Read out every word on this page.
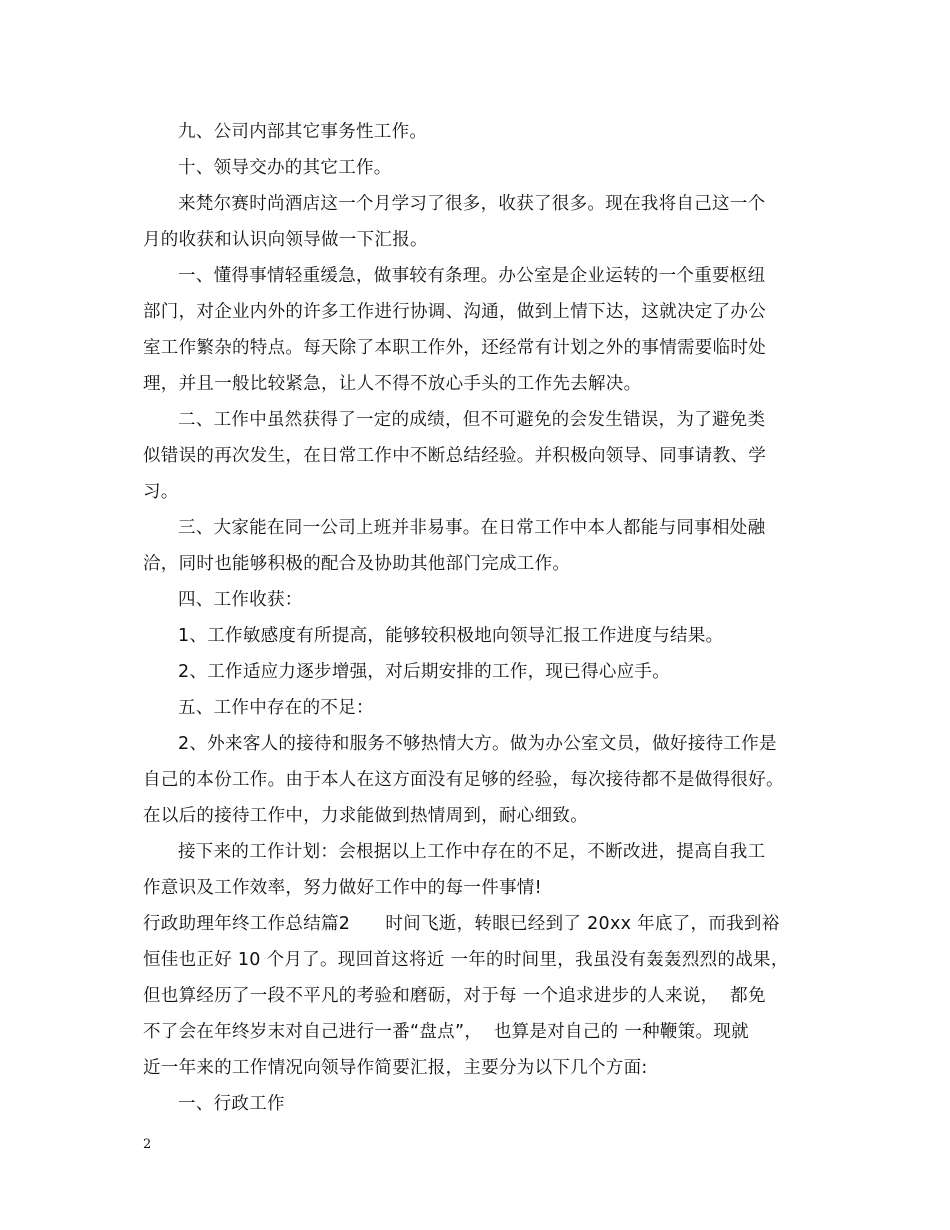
九、公司内部其它事务性工作。
十、领导交办的其它工作。
来梵尔赛时尚酒店这一个月学习了很多，收获了很多。现在我将自己这一个
月的收获和认识向领导做一下汇报。
一、懂得事情轻重缓急，做事较有条理。办公室是企业运转的一个重要枢纽
部门，对企业内外的许多工作进行协调、沟通，做到上情下达，这就决定了办公
室工作繁杂的特点。每天除了本职工作外，还经常有计划之外的事情需要临时处
理，并且一般比较紧急，让人不得不放心手头的工作先去解决。
二、工作中虽然获得了一定的成绩，但不可避免的会发生错误，为了避免类
似错误的再次发生，在日常工作中不断总结经验。并积极向领导、同事请教、学
习。
三、大家能在同一公司上班并非易事。在日常工作中本人都能与同事相处融
洽，同时也能够积极的配合及协助其他部门完成工作。
四、工作收获：
1、工作敏感度有所提高，能够较积极地向领导汇报工作进度与结果。
2、工作适应力逐步增强，对后期安排的工作，现已得心应手。
五、工作中存在的不足：
2、外来客人的接待和服务不够热情大方。做为办公室文员，做好接待工作是
自己的本份工作。由于本人在这方面没有足够的经验，每次接待都不是做得很好。
在以后的接待工作中，力求能做到热情周到，耐心细致。
接下来的工作计划：会根据以上工作中存在的不足，不断改进，提高自我工
作意识及工作效率，努力做好工作中的每一件事情!
行政助理年终工作总结篇2      时间飞逝，转眼已经到了 20xx 年底了，而我到裕
恒佳也正好 10 个月了。现回首这将近 一年的时间里，我虽没有轰轰烈烈的战果，
但也算经历了一段不平凡的考验和磨砺，对于每 一个追求进步的人来说，  都免
不了会在年终岁末对自己进行一番“盘点”，  也算是对自己的 一种鞭策。现就
近一年来的工作情况向领导作简要汇报，主要分为以下几个方面:
一、行政工作
2
